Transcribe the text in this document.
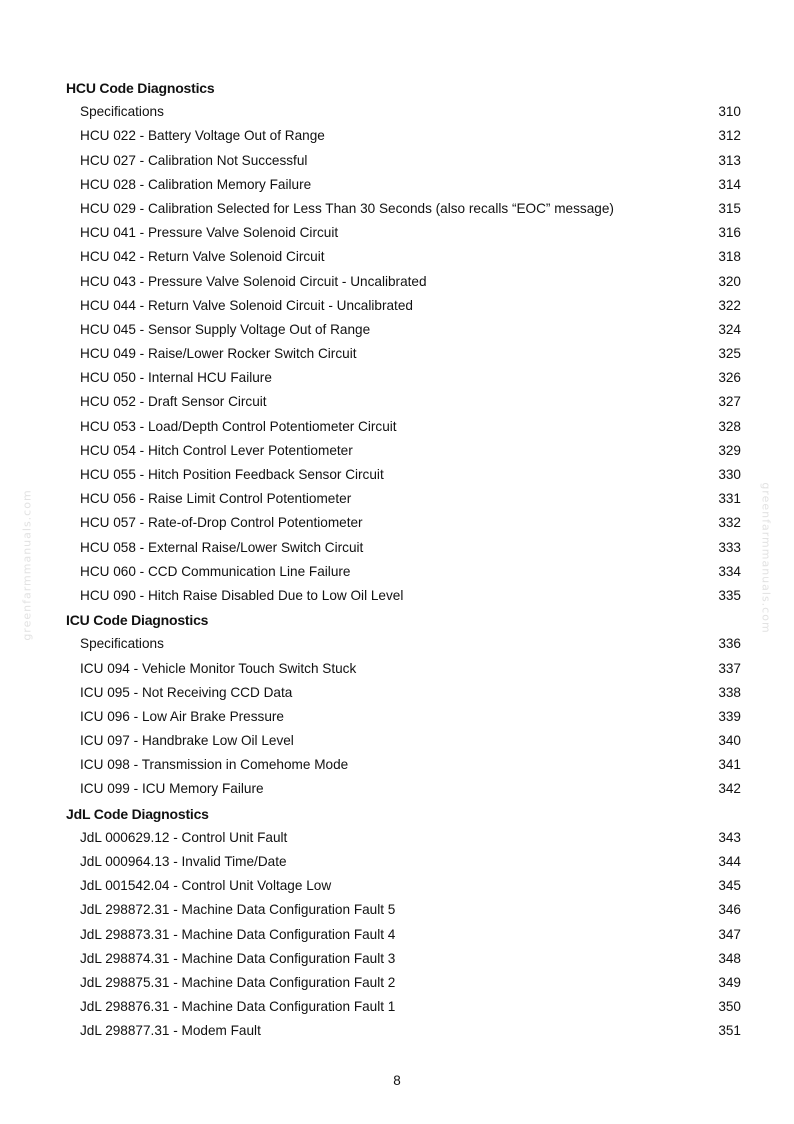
greenfarmmanuals.com	greenfarmmanuals.com
HCU Code Diagnostics
Specifications	310
HCU 022 - Battery Voltage Out of Range	312
HCU 027 - Calibration Not Successful	313
HCU 028 - Calibration Memory Failure	314
HCU 029 - Calibration Selected for Less Than 30 Seconds (also recalls “EOC” message)	315
HCU 041 - Pressure Valve Solenoid Circuit	316
HCU 042 - Return Valve Solenoid Circuit	318
HCU 043 - Pressure Valve Solenoid Circuit - Uncalibrated	320
HCU 044 - Return Valve Solenoid Circuit - Uncalibrated	322
HCU 045 - Sensor Supply Voltage Out of Range	324
HCU 049 - Raise/Lower Rocker Switch Circuit	325
HCU 050 - Internal HCU Failure	326
HCU 052 - Draft Sensor Circuit	327
HCU 053 - Load/Depth Control Potentiometer Circuit	328
HCU 054 - Hitch Control Lever Potentiometer	329
HCU 055 - Hitch Position Feedback Sensor Circuit	330
HCU 056 - Raise Limit Control Potentiometer	331
HCU 057 - Rate-of-Drop Control Potentiometer	332
HCU 058 - External Raise/Lower Switch Circuit	333
HCU 060 - CCD Communication Line Failure	334
HCU 090 - Hitch Raise Disabled Due to Low Oil Level	335
ICU Code Diagnostics
Specifications	336
ICU 094 - Vehicle Monitor Touch Switch Stuck	337
ICU 095 - Not Receiving CCD Data	338
ICU 096 - Low Air Brake Pressure	339
ICU 097 - Handbrake Low Oil Level	340
ICU 098 - Transmission in Comehome Mode	341
ICU 099 - ICU Memory Failure	342
JdL Code Diagnostics
JdL 000629.12 - Control Unit Fault	343
JdL 000964.13 - Invalid Time/Date	344
JdL 001542.04 - Control Unit Voltage Low	345
JdL 298872.31 - Machine Data Configuration Fault 5	346
JdL 298873.31 - Machine Data Configuration Fault 4	347
JdL 298874.31 - Machine Data Configuration Fault 3	348
JdL 298875.31 - Machine Data Configuration Fault 2	349
JdL 298876.31 - Machine Data Configuration Fault 1	350
JdL 298877.31 - Modem Fault	351
8
